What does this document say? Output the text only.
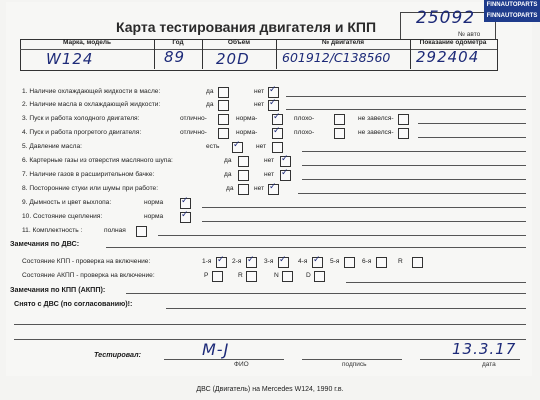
Карта тестирования двигателя и КПП 25092
№ авто
Марка, модель	Год	Объём	№ двигателя	Показание одометра
W124	89 20D	601912/C138560 292404
1. Наличие охлаждающей жидкости в масле:	да	нет ✓
2. Наличие масла в охлаждающей жидкости:	да	нет ✓
3. Пуск и работа холодного двигателя:	отлично-	норма- ✓ плохо-	не завелся-
4. Пуск и работа прогретого двигателя:	отлично-	норма- ✓ плохо-	не завелся-
5. Давление масла:	есть ✓ нет
6. Картерные газы из отверстия масляного шупа:	да	нет ✓
7. Наличие газов в расширительном бачке:	да	нет ✓
8. Посторонние стуки или шумы при работе:	да	нет ✓
9. Дымность и цвет выхлопа:	норма ✓
10. Состояние сцепления:	норма ✓
11. Комплектность :	полная
Замечания по ДВС:
Состояние КПП - проверка на включение:	1-я ✓ 2-я ✓ 3-я ✓ 4-я ✓ 5-я	6-я	R
Состояние АКПП - проверка на включение:	P	R	N	D
Замечания по КПП (АКПП):
Снято с ДВС (по согласованию)!:
Тестировал:	M-J	13.3.17
ФИО	подпись	дата
FINNAUTOPARTS
FINNAUTOPARTS
ДВС (Двигатель) на Mercedes W124, 1990 г.в.
